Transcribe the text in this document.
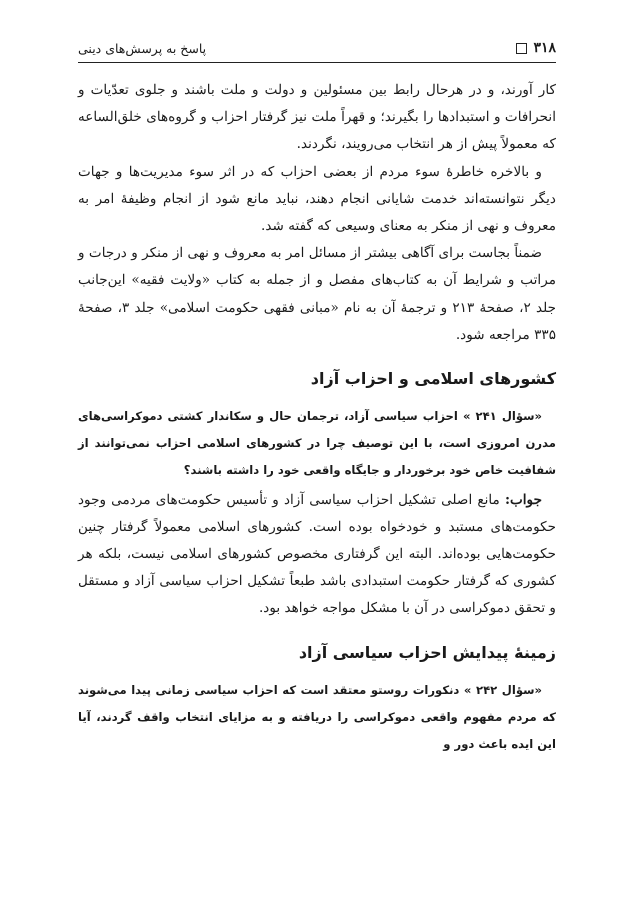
۳۱۸
پاسخ به پرسش‌های دینی

کار آورند، و در هرحال رابط بین مسئولین و دولت و ملت باشند و جلوی تعدّیات و انحرافات و استبدادها را بگیرند؛ و قهراً ملت نیز گرفتار احزاب و گروه‌های خلق‌الساعه که معمولاً پیش از هر انتخاب می‌رویند، نگردند.

و بالاخره خاطرهٔ سوء مردم از بعضی احزاب که در اثر سوء مدیریت‌ها و جهات دیگر نتوانسته‌اند خدمت شایانی انجام دهند، نباید مانع شود از انجام وظیفهٔ امر به معروف و نهی از منکر به معنای وسیعی که گفته شد.

ضمناً بجاست برای آگاهی بیشتر از مسائل امر به معروف و نهی از منکر و درجات و مراتب و شرایط آن به کتاب‌های مفصل و از جمله به کتاب «ولایت فقیه» این‌جانب جلد ۲، صفحهٔ ۲۱۳ و ترجمهٔ آن به نام «مبانی فقهی حکومت اسلامی» جلد ۳، صفحهٔ ۳۳۵ مراجعه شود.

کشورهای اسلامی و احزاب آزاد

«سؤال ۲۴۱ » احزاب سیاسی آزاد، ترجمان حال و سکاندار کشتی دموکراسی‌های مدرن امروزی است، با این توصیف چرا در کشورهای اسلامی احزاب نمی‌توانند از شفافیت خاص خود برخوردار و جایگاه واقعی خود را داشته باشند؟

جواب: مانع اصلی تشکیل احزاب سیاسی آزاد و تأسیس حکومت‌های مردمی وجود حکومت‌های مستبد و خودخواه بوده است. کشورهای اسلامی معمولاً گرفتار چنین حکومت‌هایی بوده‌اند. البته این گرفتاری مخصوص کشورهای اسلامی نیست، بلکه هر کشوری که گرفتار حکومت استبدادی باشد طبعاً تشکیل احزاب سیاسی آزاد و مستقل و تحقق دموکراسی در آن با مشکل مواجه خواهد بود.

زمینهٔ پیدایش احزاب سیاسی آزاد

«سؤال ۲۴۲ » دنکورات روستو معتقد است که احزاب سیاسی زمانی پیدا می‌شوند که مردم مفهوم واقعی دموکراسی را دریافته و به مزایای انتخاب واقف گردند، آیا این ایده باعث دور و
